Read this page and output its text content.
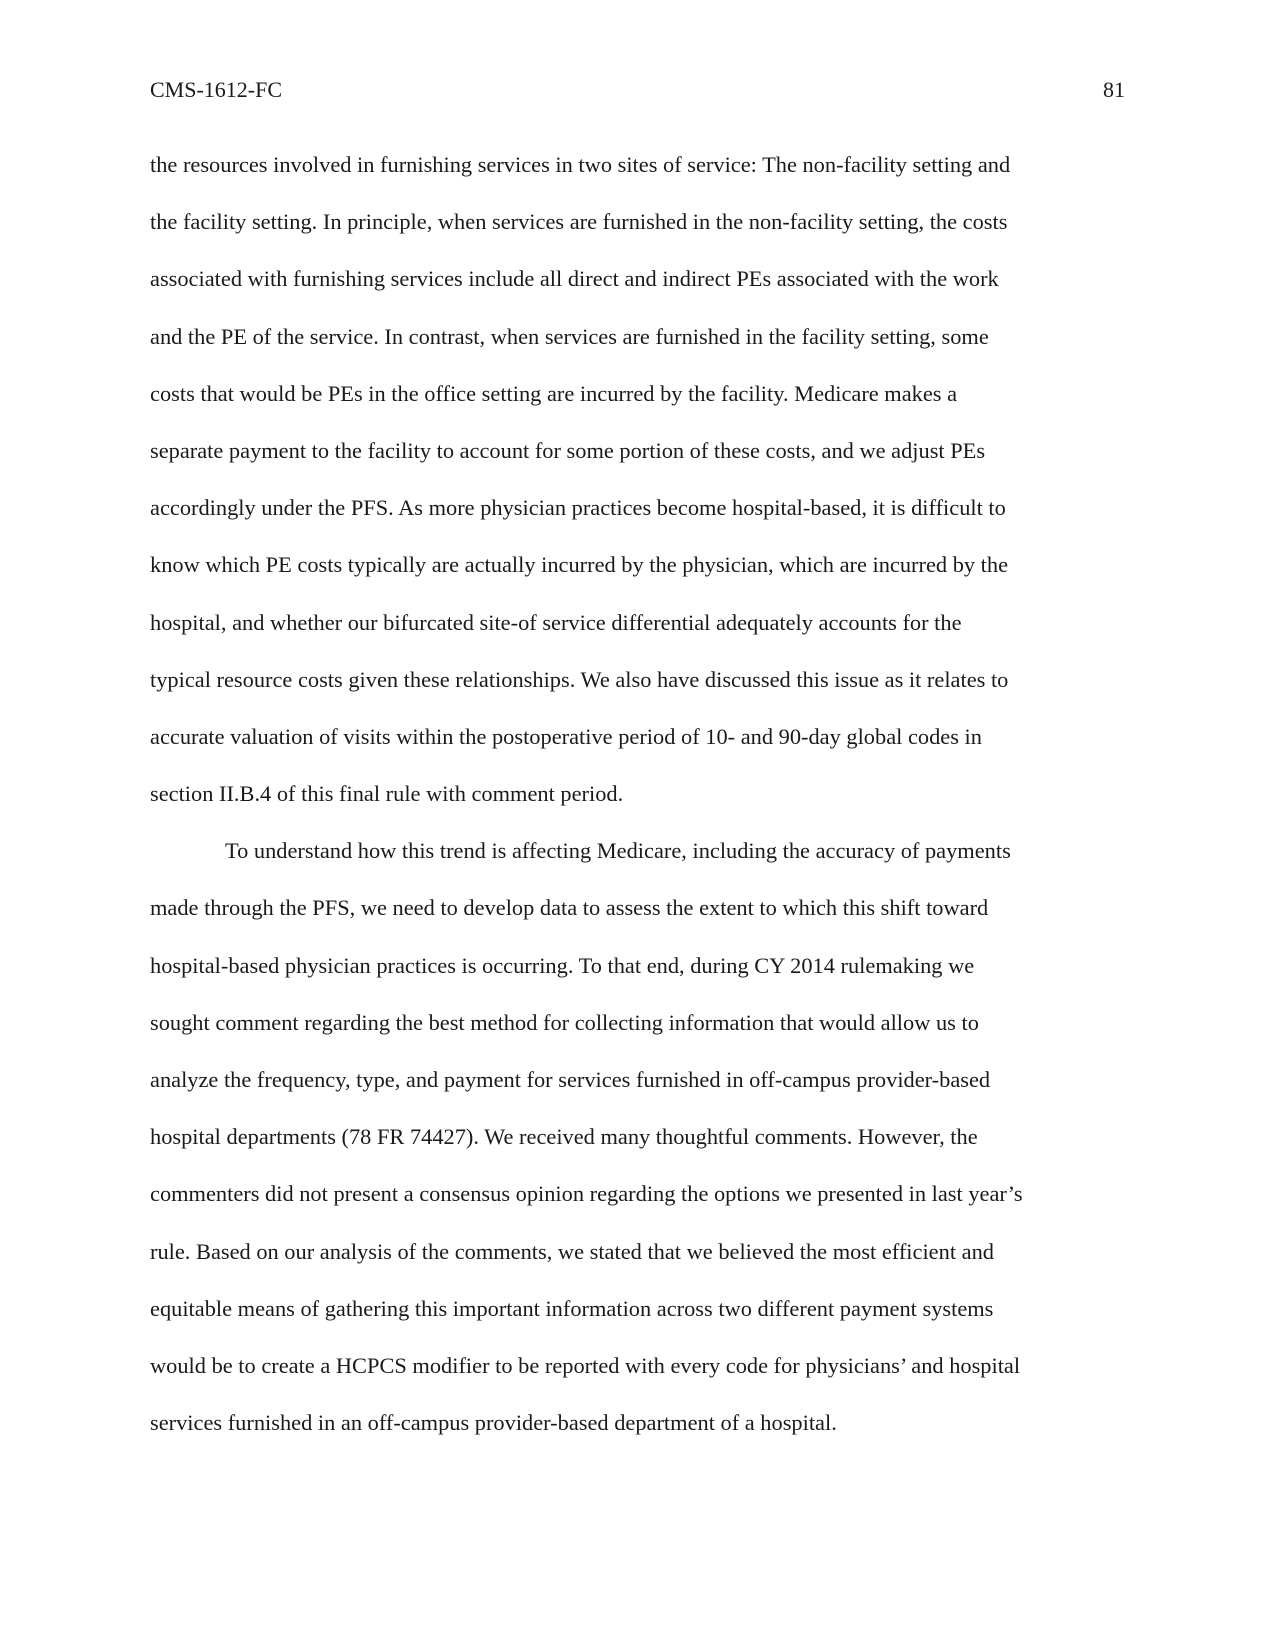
CMS-1612-FC	81
the resources involved in furnishing services in two sites of service: The non-facility setting and
the facility setting. In principle, when services are furnished in the non-facility setting, the costs
associated with furnishing services include all direct and indirect PEs associated with the work
and the PE of the service. In contrast, when services are furnished in the facility setting, some
costs that would be PEs in the office setting are incurred by the facility. Medicare makes a
separate payment to the facility to account for some portion of these costs, and we adjust PEs
accordingly under the PFS. As more physician practices become hospital-based, it is difficult to
know which PE costs typically are actually incurred by the physician, which are incurred by the
hospital, and whether our bifurcated site-of service differential adequately accounts for the
typical resource costs given these relationships. We also have discussed this issue as it relates to
accurate valuation of visits within the postoperative period of 10- and 90-day global codes in
section II.B.4 of this final rule with comment period.
To understand how this trend is affecting Medicare, including the accuracy of payments
made through the PFS, we need to develop data to assess the extent to which this shift toward
hospital-based physician practices is occurring. To that end, during CY 2014 rulemaking we
sought comment regarding the best method for collecting information that would allow us to
analyze the frequency, type, and payment for services furnished in off-campus provider-based
hospital departments (78 FR 74427). We received many thoughtful comments. However, the
commenters did not present a consensus opinion regarding the options we presented in last year’s
rule. Based on our analysis of the comments, we stated that we believed the most efficient and
equitable means of gathering this important information across two different payment systems
would be to create a HCPCS modifier to be reported with every code for physicians’ and hospital
services furnished in an off-campus provider-based department of a hospital.
